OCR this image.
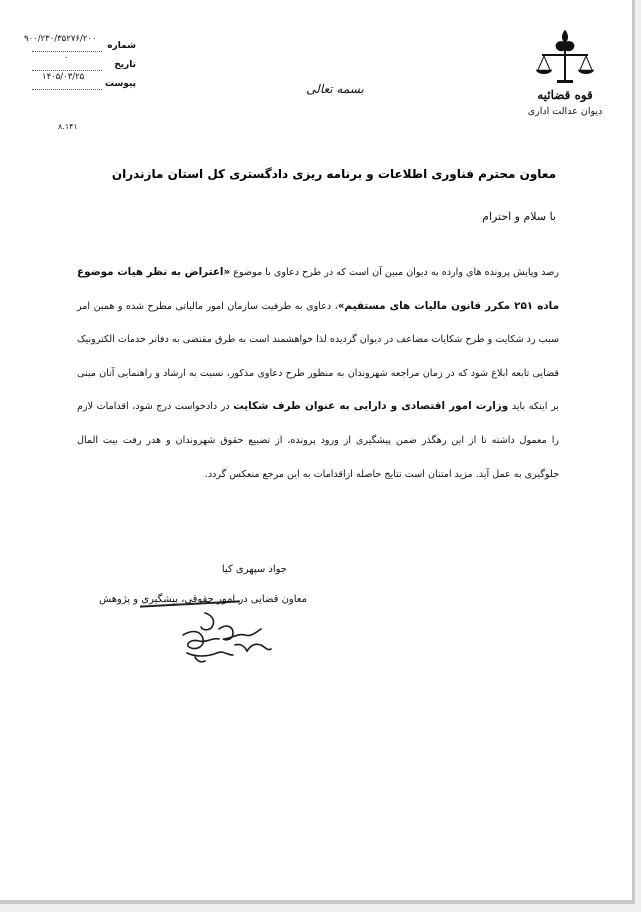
قوه قضائیه
دیوان عدالت اداری
بسمه تعالی
شماره
۹۰۰/۲۳۰/۳۵۲۷۶/۲۰۰
تاریخ
۰
پیوست
۱۴۰۵/۰۳/۲۵
۸.۱۴۱
معاون محترم فناوری اطلاعات و برنامه ریزی دادگستری کل استان مازندران
با سلام و احترام
رصد وپایش پرونده های وارده به دیوان مبین آن است که در طرح دعاوی با موضوع «اعتراض به نظر هیات موضوع ماده ۲۵۱ مکرر قانون مالیات های مستقیم»، دعاوی به طرفیت سازمان امور مالیاتی مطرح شده و همین امر سبب رد شکایت و طرح شکایات مضاعف در دیوان گردیده لذا خواهشمند است به طرق مقتضی به دفاتر خدمات الکترونیک قضایی تابعه ابلاغ شود که در زمان مراجعه شهروندان به منظور طرح دعاوی مذکور، نسبت به ارشاد و راهنمایی آنان مبنی بر اینکه باید وزارت امور اقتصادی و دارایی به عنوان طرف شکایت در دادخواست درج شود، اقدامات لازم را معمول داشته تا از این رهگذر ضمن پیشگیری از ورود پرونده، از تضییع حقوق شهروندان و هدر رفت بیت المال جلوگیری به عمل آید. مزید امتنان است نتایج حاصله ازاقدامات به این مرجع منعکس گردد.
جواد سپهری کیا
معاون قضایی در امور حقوقی، پیشگیری و پژوهش
